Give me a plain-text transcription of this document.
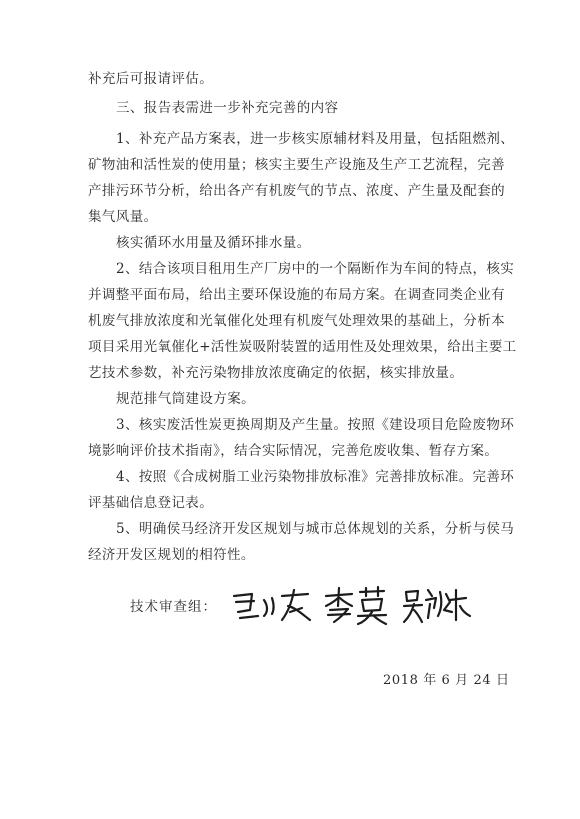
补充后可报请评估。
三、报告表需进一步补充完善的内容
1、补充产品方案表，进一步核实原辅材料及用量，包括阻燃剂、
矿物油和活性炭的使用量；核实主要生产设施及生产工艺流程，完善
产排污环节分析，给出各产有机废气的节点、浓度、产生量及配套的
集气风量。
核实循环水用量及循环排水量。
2、结合该项目租用生产厂房中的一个隔断作为车间的特点，核实
并调整平面布局，给出主要环保设施的布局方案。在调查同类企业有
机废气排放浓度和光氧催化处理有机废气处理效果的基础上，分析本
项目采用光氧催化+活性炭吸附装置的适用性及处理效果，给出主要工
艺技术参数，补充污染物排放浓度确定的依据，核实排放量。
规范排气筒建设方案。
3、核实废活性炭更换周期及产生量。按照《建设项目危险废物环
境影响评价技术指南》，结合实际情况，完善危废收集、暂存方案。
4、按照《合成树脂工业污染物排放标准》完善排放标准。完善环
评基础信息登记表。
5、明确侯马经济开发区规划与城市总体规划的关系，分析与侯马
经济开发区规划的相符性。
技术审查组：
2018 年 6 月 24 日
